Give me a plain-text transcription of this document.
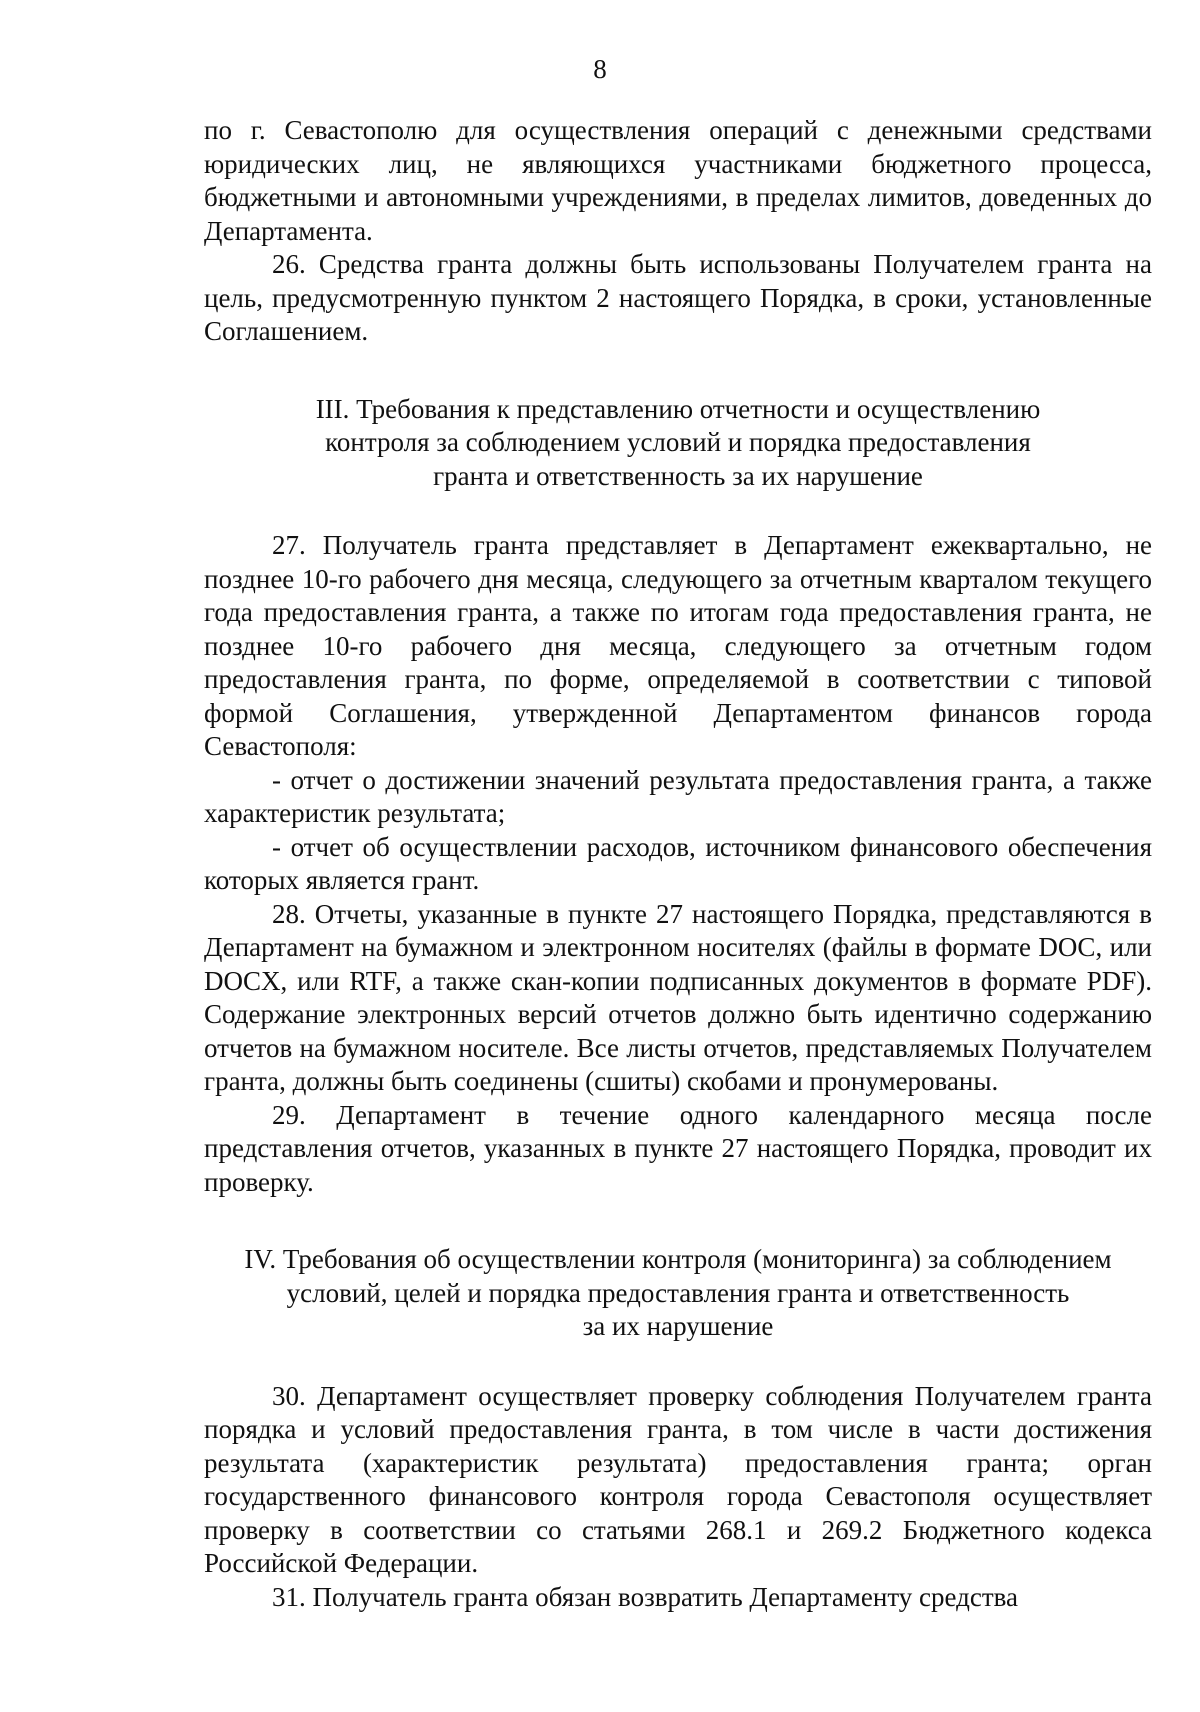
8

по г. Севастополю для осуществления операций с денежными средствами юридических лиц, не являющихся участниками бюджетного процесса, бюджетными и автономными учреждениями, в пределах лимитов, доведенных до Департамента.

26. Средства гранта должны быть использованы Получателем гранта на цель, предусмотренную пунктом 2 настоящего Порядка, в сроки, установленные Соглашением.

III. Требования к представлению отчетности и осуществлению

контроля за соблюдением условий и порядка предоставления

гранта и ответственность за их нарушение

27. Получатель гранта представляет в Департамент ежеквартально, не позднее 10-го рабочего дня месяца, следующего за отчетным кварталом текущего года предоставления гранта, а также по итогам года предоставления гранта, не позднее 10-го рабочего дня месяца, следующего за отчетным годом предоставления гранта, по форме, определяемой в соответствии с типовой формой Соглашения, утвержденной Департаментом финансов города Севастополя:

- отчет о достижении значений результата предоставления гранта, а также характеристик результата;

- отчет об осуществлении расходов, источником финансового обеспечения которых является грант.

28. Отчеты, указанные в пункте 27 настоящего Порядка, представляются в Департамент на бумажном и электронном носителях (файлы в формате DOC, или DOCX, или RTF, а также скан-копии подписанных документов в формате PDF). Содержание электронных версий отчетов должно быть идентично содержанию отчетов на бумажном носителе. Все листы отчетов, представляемых Получателем гранта, должны быть соединены (сшиты) скобами и пронумерованы.

29. Департамент в течение одного календарного месяца после представления отчетов, указанных в пункте 27 настоящего Порядка, проводит их проверку.

IV. Требования об осуществлении контроля (мониторинга) за соблюдением

условий, целей и порядка предоставления гранта и ответственность

за их нарушение

30. Департамент осуществляет проверку соблюдения Получателем гранта порядка и условий предоставления гранта, в том числе в части достижения результата (характеристик результата) предоставления гранта; орган государственного финансового контроля города Севастополя осуществляет проверку в соответствии со статьями 268.1 и 269.2 Бюджетного кодекса Российской Федерации.

31. Получатель гранта обязан возвратить Департаменту средства
